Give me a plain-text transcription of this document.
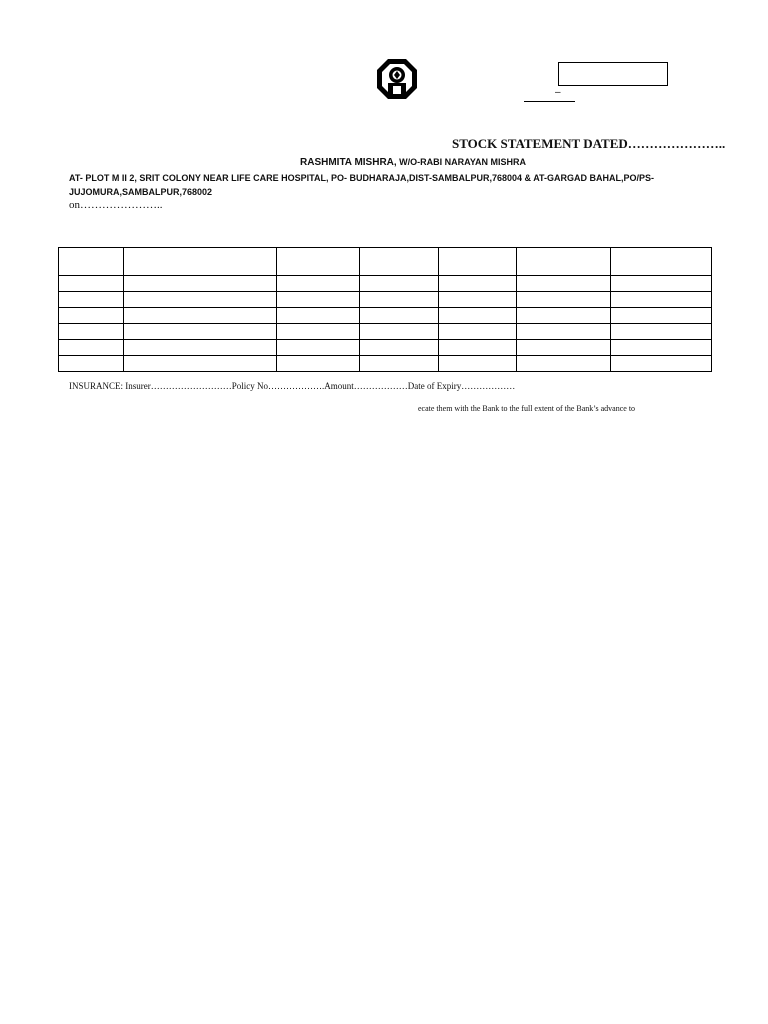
–
STOCK STATEMENT DATED…………………..
RASHMITA MISHRA, W/O-RABI NARAYAN MISHRA
AT- PLOT M II 2, SRIT COLONY NEAR LIFE CARE HOSPITAL, PO- BUDHARAJA,DIST-SAMBALPUR,768004 & AT-GARGAD BAHAL,PO/PS-JUJOMURA,SAMBALPUR,768002
on…………………..

INSURANCE: Insurer………………………Policy No……………….Amount………………Date of Expiry………………
ecate them with the Bank to the full extent of the Bank’s advance to
